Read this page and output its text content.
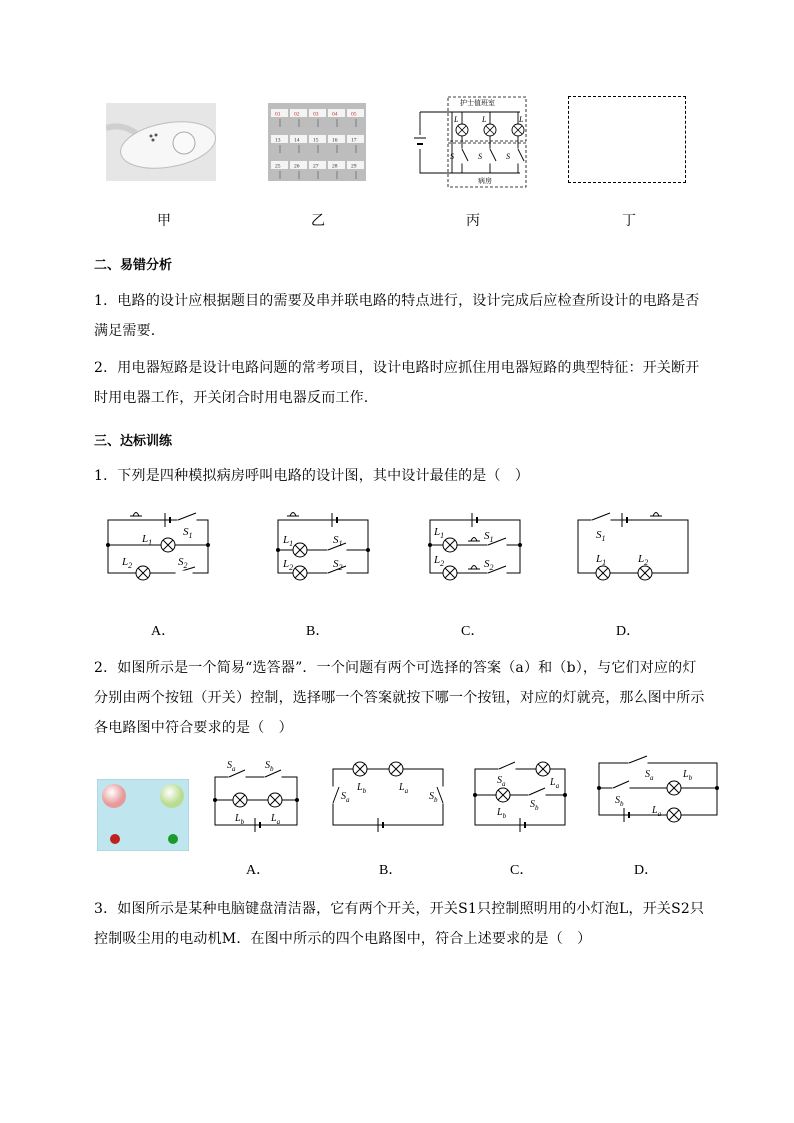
甲
01 02 03 04 05
13 14 15 16 17
25 26 27 28 29
乙
护士值班室
病房
L	L	L
S	S	S
丙	丁
二、易错分析
1．电路的设计应根据题目的需要及串并联电路的特点进行，设计完成后应检查所设计的电路是否满足需要.
2．用电器短路是设计电路问题的常考项目，设计电路时应抓住用电器短路的典型特征：开关断开时用电器工作，开关闭合时用电器反而工作.
三、达标训练
1．下列是四种模拟病房呼叫电路的设计图，其中设计最佳的是（　）
$L_1$
$S_1$
$L_2$	$S_2$
$L_1$	$S_1$
$L_2$	$S_2$
$L_1$	$S_1$
$L_2$	$S_2$
$S_1$
$L_1$	$L_2$
A．	B．	C．	D．
2．如图所示是一个简易“选答器”．一个问题有两个可选择的答案（a）和（b），与它们对应的灯分别由两个按钮（开关）控制，选择哪一个答案就按下哪一个按钮，对应的灯就亮，那么图中所示各电路图中符合要求的是（　）
$S_a$	$S_b$
$L_b$	$L_a$
$S_a$
$L_b$	$L_a$ $S_b$
$S_a$	$L_a$
$S_b$
$L_b$
$S_a$	$L_b$
$S_b$
$L_a$
A．	B．	C．	D．
3．如图所示是某种电脑键盘清洁器，它有两个开关，开关S1只控制照明用的小灯泡L，开关S2只控制吸尘用的电动机M．在图中所示的四个电路图中，符合上述要求的是（　）
